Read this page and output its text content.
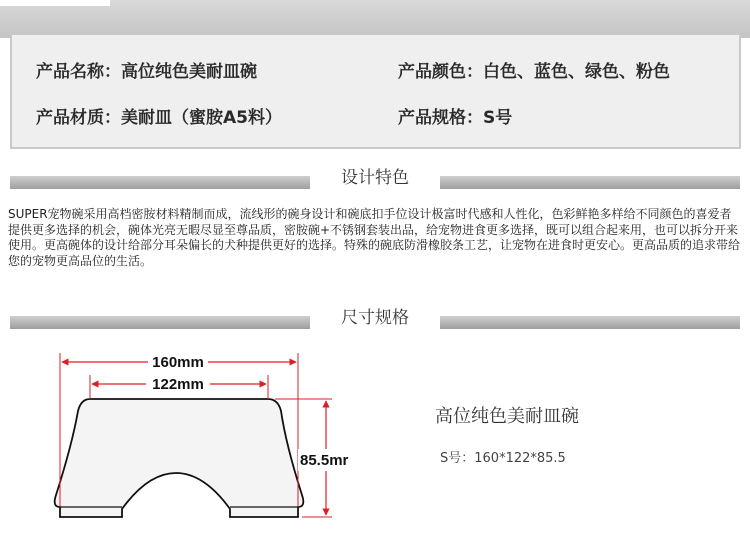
产品名称：高位纯色美耐皿碗	产品颜色：白色、蓝色、绿色、粉色
产品材质：美耐皿（蜜胺A5料）	产品规格：S号
设计特色
SUPER宠物碗采用高档密胺材料精制而成，流线形的碗身设计和碗底扣手位设计极富时代感和人性化，色彩鲜艳多样给不同颜色的喜爱者提供更多选择的机会，碗体光亮无暇尽显至尊品质，密胺碗+不锈钢套装出品，给宠物进食更多选择，既可以组合起来用，也可以拆分开来使用。更高碗体的设计给部分耳朵偏长的犬种提供更好的选择。特殊的碗底防滑橡胶条工艺，让宠物在进食时更安心。更高品质的追求带给您的宠物更高品位的生活。
尺寸规格
160mm
122mm
85.5mr
高位纯色美耐皿碗
S号：160*122*85.5
